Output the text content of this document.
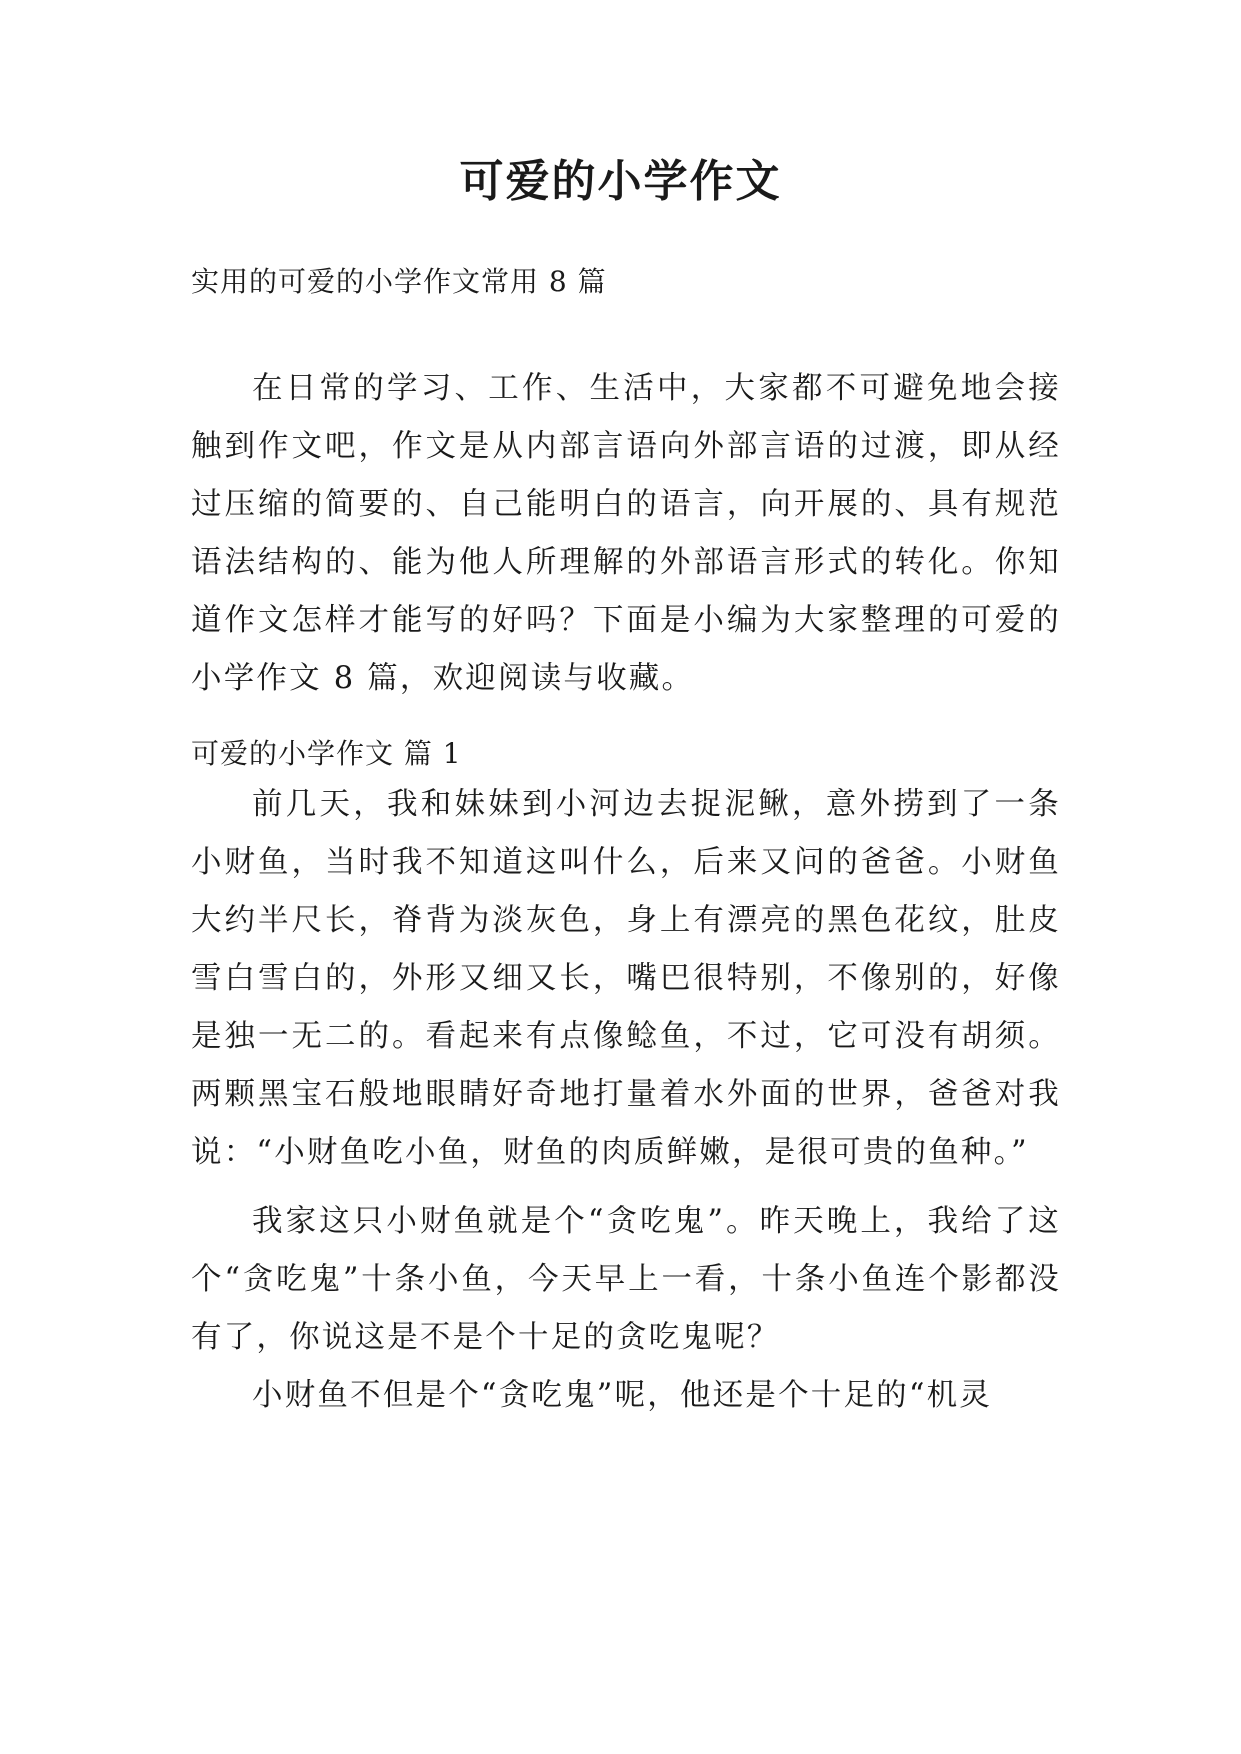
可爱的小学作文
实用的可爱的小学作文常用 8 篇

在日常的学习、工作、生活中，大家都不可避免地会接触到作文吧，作文是从内部言语向外部言语的过渡，即从经过压缩的简要的、自己能明白的语言，向开展的、具有规范语法结构的、能为他人所理解的外部语言形式的转化。你知道作文怎样才能写的好吗？下面是小编为大家整理的可爱的小学作文 8 篇，欢迎阅读与收藏。

可爱的小学作文 篇 1

前几天，我和妹妹到小河边去捉泥鳅，意外捞到了一条小财鱼，当时我不知道这叫什么，后来又问的爸爸。小财鱼大约半尺长，脊背为淡灰色，身上有漂亮的黑色花纹，肚皮雪白雪白的，外形又细又长，嘴巴很特别，不像别的，好像是独一无二的。看起来有点像鲶鱼，不过，它可没有胡须。两颗黑宝石般地眼睛好奇地打量着水外面的世界，爸爸对我说：“小财鱼吃小鱼，财鱼的肉质鲜嫩，是很可贵的鱼种。”

我家这只小财鱼就是个“贪吃鬼”。昨天晚上，我给了这个“贪吃鬼”十条小鱼，今天早上一看，十条小鱼连个影都没有了，你说这是不是个十足的贪吃鬼呢？

小财鱼不但是个“贪吃鬼”呢，他还是个十足的“机灵
